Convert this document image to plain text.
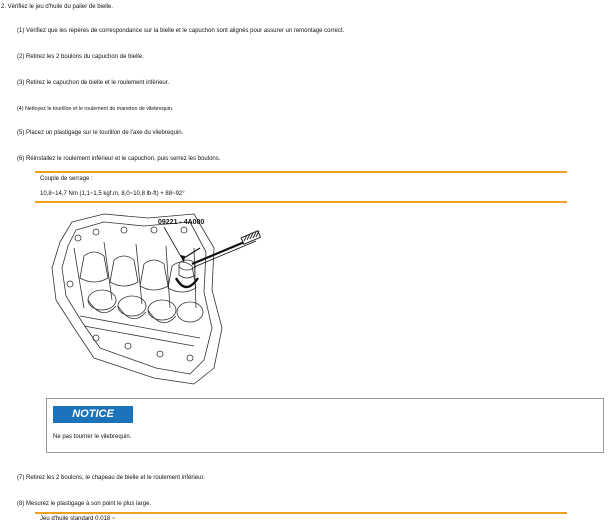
2. Vérifiez le jeu d'huile du palier de bielle.
(1) Vérifiez que les repères de correspondance sur la bielle et le capuchon sont alignés pour assurer un remontage correct.
(2) Retirez les 2 boulons du capuchon de bielle.
(3) Retirez le capuchon de bielle et le roulement inférieur.
(4) Nettoyez le tourillon et le roulement du maneton de vilebrequin.
(5) Placez un plastigage sur le tourillon de l'axe du vilebrequin.
(6) Réinstallez le roulement inférieur et le capuchon, puis serrez les boulons.
Couple de serrage :
10,8~14,7 Nm (1,1~1,5 kgf.m, 8,0~10,8 lb-ft) + 88~92°
09221 - 4A000
NOTICE
Ne pas tourner le vilebrequin.
(7) Retirez les 2 boulons, le chapeau de bielle et le roulement inférieur.
(8) Mesurez le plastigage à son point le plus large.
Jeu d'huile standard 0.018 ~
